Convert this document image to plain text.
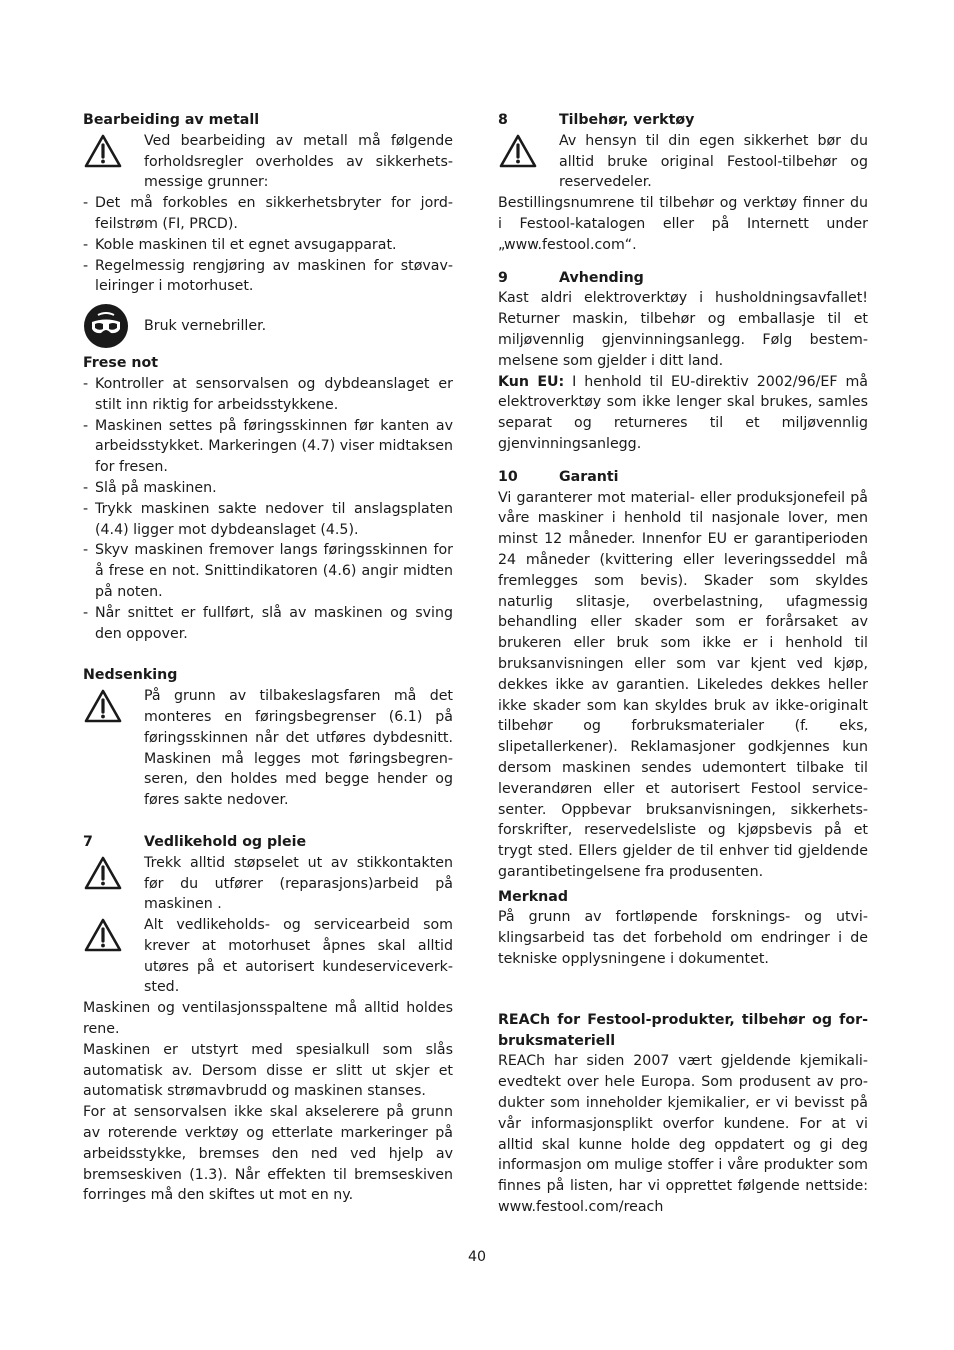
Bearbeiding av metall

Ved bearbeiding av metall må følgende forholdsregler overholdes av sikkerhetsmessige grunner:
- Det må forkobles en sikkerhetsbryter for jordfeilstrøm (FI, PRCD).
- Koble maskinen til et egnet avsugapparat.
- Regelmessig rengjøring av maskinen for støvavleiringer i motorhuset.
Bruk vernebriller.

Frese not

- Kontroller at sensorvalsen og dybdeanslaget er stilt inn riktig for arbeidsstykkene.
- Maskinen settes på føringsskinnen før kanten av arbeidsstykket. Markeringen (4.7) viser midtaksen for fresen.
- Slå på maskinen.
- Trykk maskinen sakte nedover til anslagsplaten (4.4) ligger mot dybdeanslaget (4.5).
- Skyv maskinen fremover langs føringsskinnen for å frese en not. Snittindikatoren (4.6) angir midten på noten.
- Når snittet er fullført, slå av maskinen og sving den oppover.

Nedsenking

På grunn av tilbakeslagsfaren må det monteres en føringsbegrenser (6.1) på føringsskinnen når det utføres dybdesnitt. Maskinen må legges mot føringsbegrenseren, den holdes med begge hender og føres sakte nedover.
7	Vedlikehold og pleie
Trekk alltid støpselet ut av stikkontakten før du utfører (reparasjons)arbeid på maskinen .
Alt vedlikeholds- og servicearbeid som krever at motorhuset åpnes skal alltid utøres på et autorisert kundeserviceverksted.

Maskinen og ventilasjonsspaltene må alltid holdes rene.

Maskinen er utstyrt med spesialkull som slås automatisk av. Dersom disse er slitt ut skjer et automatisk strømavbrudd og maskinen stanses.

For at sensorvalsen ikke skal akselerere på grunn av roterende verktøy og etterlate markeringer på arbeidsstykke, bremses den ned ved hjelp av bremseskiven (1.3). Når effekten til bremseskiven forringes må den skiftes ut mot en ny.

8	Tilbehør, verktøy
Av hensyn til din egen sikkerhet bør du alltid bruke original Festool-tilbehør og reservedeler.

Bestillingsnumrene til tilbehør og verktøy finner du i Festool-katalogen eller på Internett under „www.festool.com“.

9	Avhending

Kast aldri elektroverktøy i husholdningsavfallet! Returner maskin, tilbehør og emballasje til et miljøvennlig gjenvinningsanlegg. Følg bestemmelsene som gjelder i ditt land.

Kun EU: I henhold til EU-direktiv 2002/96/EF må elektroverktøy som ikke lenger skal brukes, samles separat og returneres til et miljøvennlig gjenvinningsanlegg.

10	Garanti

Vi garanterer mot material- eller produksjonefeil på våre maskiner i henhold til nasjonale lover, men minst 12 måneder. Innenfor EU er garantiperioden 24 måneder (kvittering eller leveringsseddel må fremlegges som bevis). Skader som skyldes naturlig slitasje, overbelastning, ufagmessig behandling eller skader som er forårsaket av brukeren eller bruk som ikke er i henhold til bruksanvisningen eller som var kjent ved kjøp, dekkes ikke av garantien. Likeledes dekkes heller ikke skader som kan skyldes bruk av ikke-originalt tilbehør og forbruksmaterialer (f. eks, slipetallerkener). Reklamasjoner godkjennes kun dersom maskinen sendes udemontert tilbake til leverandøren eller et autorisert Festool servicesenter. Oppbevar bruksanvisningen, sikkerhetsforskrifter, reservedelsliste og kjøpsbevis på et trygt sted. Ellers gjelder de til enhver tid gjeldende garantibetingelsene fra produsenten.

Merknad

På grunn av fortløpende forsknings- og utviklingsarbeid tas det forbehold om endringer i de tekniske opplysningene i dokumentet.

REACh for Festool-produkter, tilbehør og forbruksmateriell

REACh har siden 2007 vært gjeldende kjemikalievedtekt over hele Europa. Som produsent av produkter som inneholder kjemikalier, er vi bevisst på vår informasjonsplikt overfor kundene. For at vi alltid skal kunne holde deg oppdatert og gi deg informasjon om mulige stoffer i våre produkter som finnes på listen, har vi opprettet følgende nettside: www.festool.com/reach

40
